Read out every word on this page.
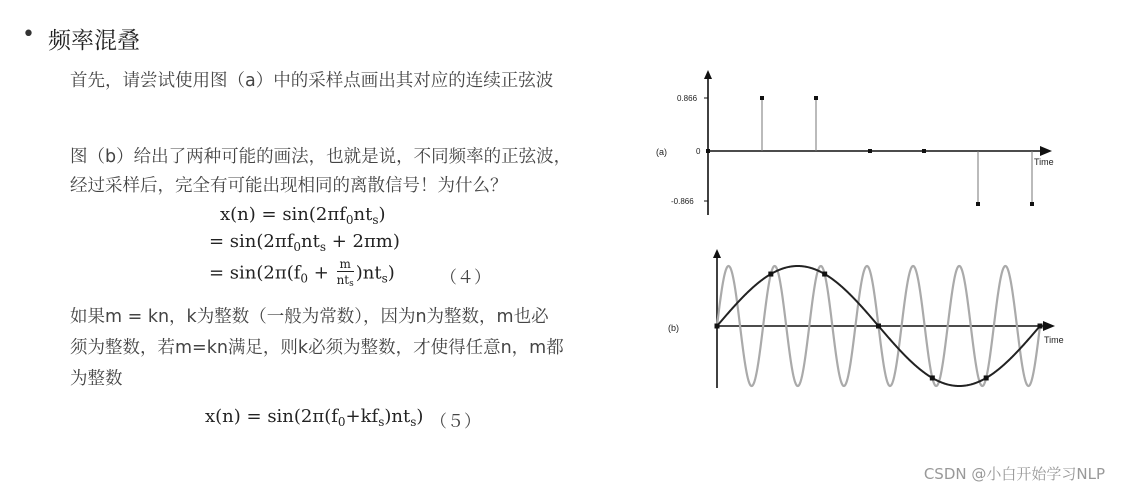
• 频率混叠
首先，请尝试使用图（a）中的采样点画出其对应的连续正弦波
图（b）给出了两种可能的画法，也就是说，不同频率的正弦波，
经过采样后，完全有可能出现相同的离散信号！为什么？
$x(n) = \sin(2\pi f_0nt_s)$
= $\sin(2\pi f_0nt_s + 2\pi m)$
= $\sin(2\pi(f_0 + \frac{m}{nt_s} )nt_s)$	（４）
如果m = kn，k为整数（一般为常数），因为n为整数，m也必
须为整数，若m=kn满足，则k必须为整数，才使得任意n，m都
为整数
$x(n) = \sin(2\pi(f_0+kf_s)nt_s)$ （５）
(a)
Time
0.866
0
-0.866
(b)
Time
CSDN @小白开始学习NLP
